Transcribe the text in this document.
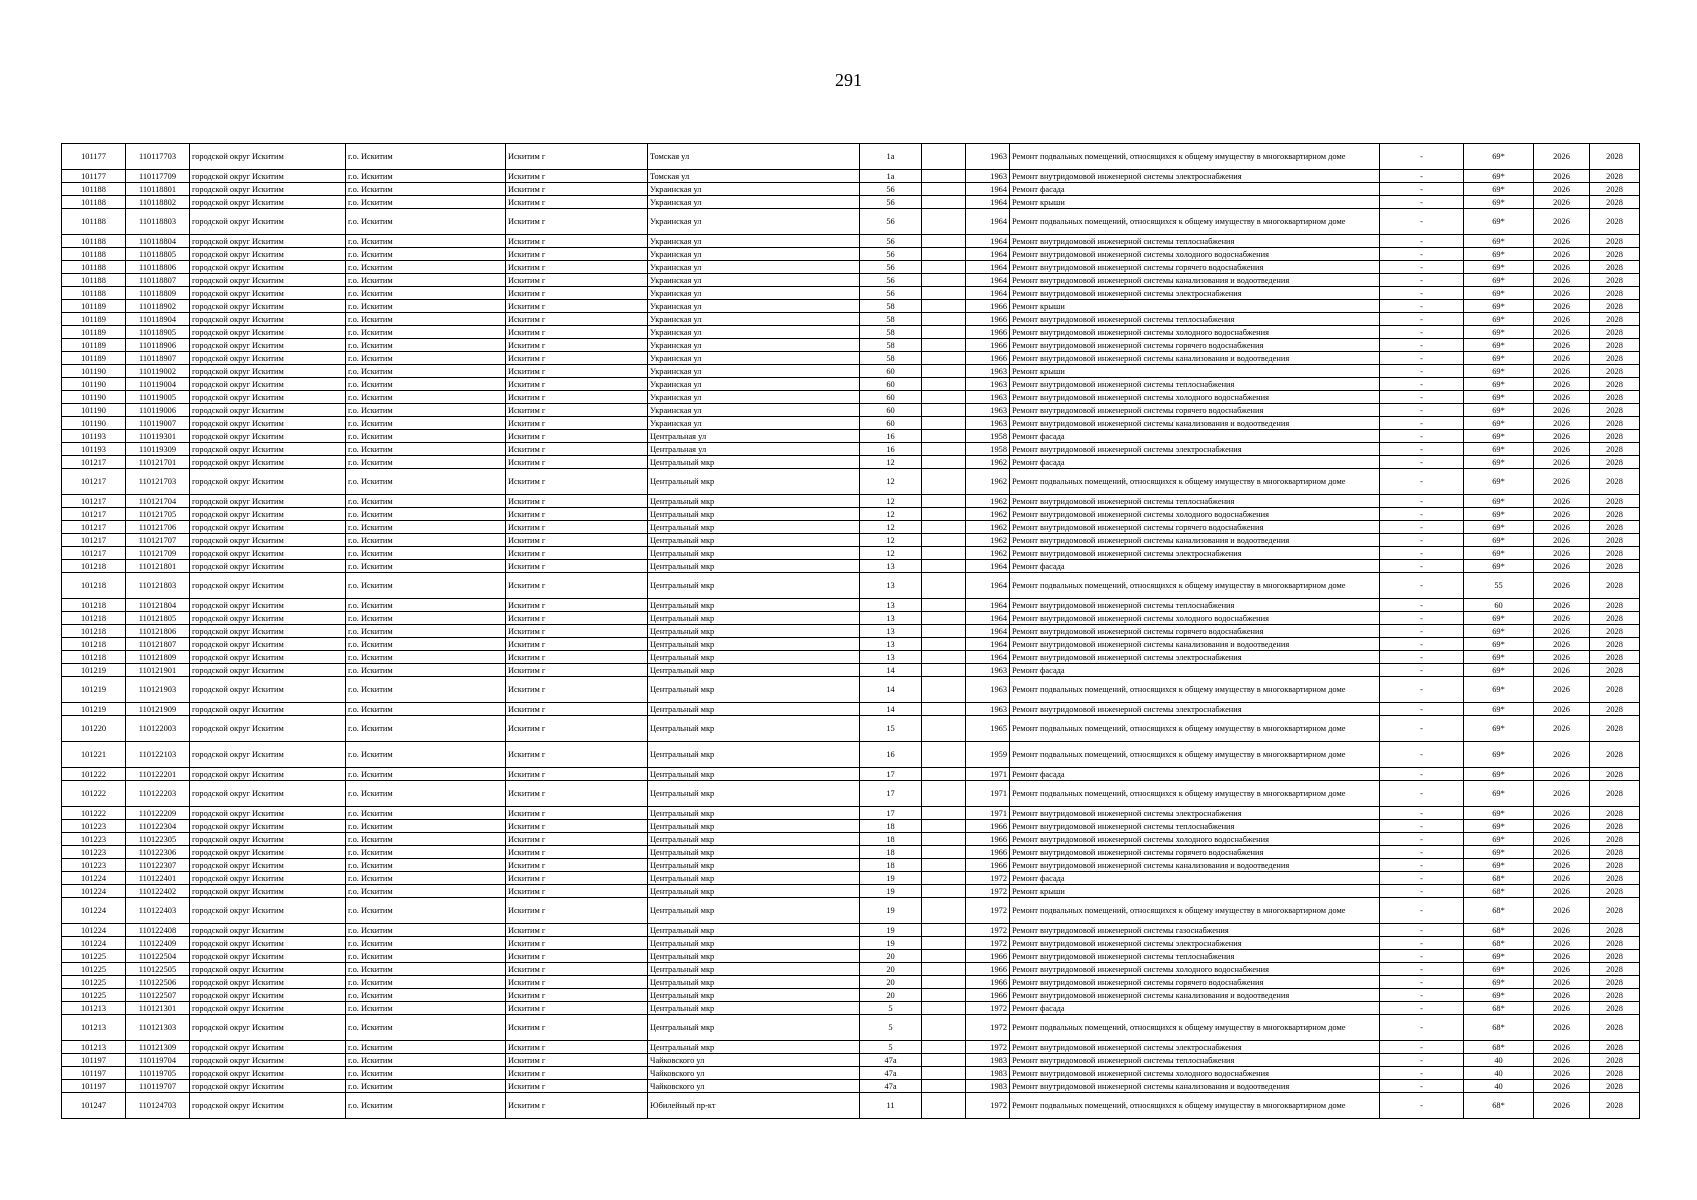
291
101177	110117703	городской округ Искитим	г.о. Искитим	Искитим г	Томская ул	1а		1963	Ремонт подвальных помещений, относящихся к общему имуществу в многоквартирном доме	-	69*	2026	2028
101177	110117709	городской округ Искитим	г.о. Искитим	Искитим г	Томская ул	1а		1963	Ремонт внутридомовой инженерной системы электроснабжения	-	69*	2026	2028
101188	110118801	городской округ Искитим	г.о. Искитим	Искитим г	Украинская ул	56		1964	Ремонт фасада	-	69*	2026	2028
101188	110118802	городской округ Искитим	г.о. Искитим	Искитим г	Украинская ул	56		1964	Ремонт крыши	-	69*	2026	2028
101188	110118803	городской округ Искитим	г.о. Искитим	Искитим г	Украинская ул	56		1964	Ремонт подвальных помещений, относящихся к общему имуществу в многоквартирном доме	-	69*	2026	2028
101188	110118804	городской округ Искитим	г.о. Искитим	Искитим г	Украинская ул	56		1964	Ремонт внутридомовой инженерной системы теплоснабжения	-	69*	2026	2028
101188	110118805	городской округ Искитим	г.о. Искитим	Искитим г	Украинская ул	56		1964	Ремонт внутридомовой инженерной системы холодного водоснабжения	-	69*	2026	2028
101188	110118806	городской округ Искитим	г.о. Искитим	Искитим г	Украинская ул	56		1964	Ремонт внутридомовой инженерной системы горячего водоснабжения	-	69*	2026	2028
101188	110118807	городской округ Искитим	г.о. Искитим	Искитим г	Украинская ул	56		1964	Ремонт внутридомовой инженерной системы канализования и водоотведения	-	69*	2026	2028
101188	110118809	городской округ Искитим	г.о. Искитим	Искитим г	Украинская ул	56		1964	Ремонт внутридомовой инженерной системы электроснабжения	-	69*	2026	2028
101189	110118902	городской округ Искитим	г.о. Искитим	Искитим г	Украинская ул	58		1966	Ремонт крыши	-	69*	2026	2028
101189	110118904	городской округ Искитим	г.о. Искитим	Искитим г	Украинская ул	58		1966	Ремонт внутридомовой инженерной системы теплоснабжения	-	69*	2026	2028
101189	110118905	городской округ Искитим	г.о. Искитим	Искитим г	Украинская ул	58		1966	Ремонт внутридомовой инженерной системы холодного водоснабжения	-	69*	2026	2028
101189	110118906	городской округ Искитим	г.о. Искитим	Искитим г	Украинская ул	58		1966	Ремонт внутридомовой инженерной системы горячего водоснабжения	-	69*	2026	2028
101189	110118907	городской округ Искитим	г.о. Искитим	Искитим г	Украинская ул	58		1966	Ремонт внутридомовой инженерной системы канализования и водоотведения	-	69*	2026	2028
101190	110119002	городской округ Искитим	г.о. Искитим	Искитим г	Украинская ул	60		1963	Ремонт крыши	-	69*	2026	2028
101190	110119004	городской округ Искитим	г.о. Искитим	Искитим г	Украинская ул	60		1963	Ремонт внутридомовой инженерной системы теплоснабжения	-	69*	2026	2028
101190	110119005	городской округ Искитим	г.о. Искитим	Искитим г	Украинская ул	60		1963	Ремонт внутридомовой инженерной системы холодного водоснабжения	-	69*	2026	2028
101190	110119006	городской округ Искитим	г.о. Искитим	Искитим г	Украинская ул	60		1963	Ремонт внутридомовой инженерной системы горячего водоснабжения	-	69*	2026	2028
101190	110119007	городской округ Искитим	г.о. Искитим	Искитим г	Украинская ул	60		1963	Ремонт внутридомовой инженерной системы канализования и водоотведения	-	69*	2026	2028
101193	110119301	городской округ Искитим	г.о. Искитим	Искитим г	Центральная ул	16		1958	Ремонт фасада	-	69*	2026	2028
101193	110119309	городской округ Искитим	г.о. Искитим	Искитим г	Центральная ул	16		1958	Ремонт внутридомовой инженерной системы электроснабжения	-	69*	2026	2028
101217	110121701	городской округ Искитим	г.о. Искитим	Искитим г	Центральный мкр	12		1962	Ремонт фасада	-	69*	2026	2028
101217	110121703	городской округ Искитим	г.о. Искитим	Искитим г	Центральный мкр	12		1962	Ремонт подвальных помещений, относящихся к общему имуществу в многоквартирном доме	-	69*	2026	2028
101217	110121704	городской округ Искитим	г.о. Искитим	Искитим г	Центральный мкр	12		1962	Ремонт внутридомовой инженерной системы теплоснабжения	-	69*	2026	2028
101217	110121705	городской округ Искитим	г.о. Искитим	Искитим г	Центральный мкр	12		1962	Ремонт внутридомовой инженерной системы холодного водоснабжения	-	69*	2026	2028
101217	110121706	городской округ Искитим	г.о. Искитим	Искитим г	Центральный мкр	12		1962	Ремонт внутридомовой инженерной системы горячего водоснабжения	-	69*	2026	2028
101217	110121707	городской округ Искитим	г.о. Искитим	Искитим г	Центральный мкр	12		1962	Ремонт внутридомовой инженерной системы канализования и водоотведения	-	69*	2026	2028
101217	110121709	городской округ Искитим	г.о. Искитим	Искитим г	Центральный мкр	12		1962	Ремонт внутридомовой инженерной системы электроснабжения	-	69*	2026	2028
101218	110121801	городской округ Искитим	г.о. Искитим	Искитим г	Центральный мкр	13		1964	Ремонт фасада	-	69*	2026	2028
101218	110121803	городской округ Искитим	г.о. Искитим	Искитим г	Центральный мкр	13		1964	Ремонт подвальных помещений, относящихся к общему имуществу в многоквартирном доме	-	55	2026	2028
101218	110121804	городской округ Искитим	г.о. Искитим	Искитим г	Центральный мкр	13		1964	Ремонт внутридомовой инженерной системы теплоснабжения	-	60	2026	2028
101218	110121805	городской округ Искитим	г.о. Искитим	Искитим г	Центральный мкр	13		1964	Ремонт внутридомовой инженерной системы холодного водоснабжения	-	69*	2026	2028
101218	110121806	городской округ Искитим	г.о. Искитим	Искитим г	Центральный мкр	13		1964	Ремонт внутридомовой инженерной системы горячего водоснабжения	-	69*	2026	2028
101218	110121807	городской округ Искитим	г.о. Искитим	Искитим г	Центральный мкр	13		1964	Ремонт внутридомовой инженерной системы канализования и водоотведения	-	69*	2026	2028
101218	110121809	городской округ Искитим	г.о. Искитим	Искитим г	Центральный мкр	13		1964	Ремонт внутридомовой инженерной системы электроснабжения	-	69*	2026	2028
101219	110121901	городской округ Искитим	г.о. Искитим	Искитим г	Центральный мкр	14		1963	Ремонт фасада	-	69*	2026	2028
101219	110121903	городской округ Искитим	г.о. Искитим	Искитим г	Центральный мкр	14		1963	Ремонт подвальных помещений, относящихся к общему имуществу в многоквартирном доме	-	69*	2026	2028
101219	110121909	городской округ Искитим	г.о. Искитим	Искитим г	Центральный мкр	14		1963	Ремонт внутридомовой инженерной системы электроснабжения	-	69*	2026	2028
101220	110122003	городской округ Искитим	г.о. Искитим	Искитим г	Центральный мкр	15		1965	Ремонт подвальных помещений, относящихся к общему имуществу в многоквартирном доме	-	69*	2026	2028
101221	110122103	городской округ Искитим	г.о. Искитим	Искитим г	Центральный мкр	16		1959	Ремонт подвальных помещений, относящихся к общему имуществу в многоквартирном доме	-	69*	2026	2028
101222	110122201	городской округ Искитим	г.о. Искитим	Искитим г	Центральный мкр	17		1971	Ремонт фасада	-	69*	2026	2028
101222	110122203	городской округ Искитим	г.о. Искитим	Искитим г	Центральный мкр	17		1971	Ремонт подвальных помещений, относящихся к общему имуществу в многоквартирном доме	-	69*	2026	2028
101222	110122209	городской округ Искитим	г.о. Искитим	Искитим г	Центральный мкр	17		1971	Ремонт внутридомовой инженерной системы электроснабжения	-	69*	2026	2028
101223	110122304	городской округ Искитим	г.о. Искитим	Искитим г	Центральный мкр	18		1966	Ремонт внутридомовой инженерной системы теплоснабжения	-	69*	2026	2028
101223	110122305	городской округ Искитим	г.о. Искитим	Искитим г	Центральный мкр	18		1966	Ремонт внутридомовой инженерной системы холодного водоснабжения	-	69*	2026	2028
101223	110122306	городской округ Искитим	г.о. Искитим	Искитим г	Центральный мкр	18		1966	Ремонт внутридомовой инженерной системы горячего водоснабжения	-	69*	2026	2028
101223	110122307	городской округ Искитим	г.о. Искитим	Искитим г	Центральный мкр	18		1966	Ремонт внутридомовой инженерной системы канализования и водоотведения	-	69*	2026	2028
101224	110122401	городской округ Искитим	г.о. Искитим	Искитим г	Центральный мкр	19		1972	Ремонт фасада	-	68*	2026	2028
101224	110122402	городской округ Искитим	г.о. Искитим	Искитим г	Центральный мкр	19		1972	Ремонт крыши	-	68*	2026	2028
101224	110122403	городской округ Искитим	г.о. Искитим	Искитим г	Центральный мкр	19		1972	Ремонт подвальных помещений, относящихся к общему имуществу в многоквартирном доме	-	68*	2026	2028
101224	110122408	городской округ Искитим	г.о. Искитим	Искитим г	Центральный мкр	19		1972	Ремонт внутридомовой инженерной системы газоснабжения	-	68*	2026	2028
101224	110122409	городской округ Искитим	г.о. Искитим	Искитим г	Центральный мкр	19		1972	Ремонт внутридомовой инженерной системы электроснабжения	-	68*	2026	2028
101225	110122504	городской округ Искитим	г.о. Искитим	Искитим г	Центральный мкр	20		1966	Ремонт внутридомовой инженерной системы теплоснабжения	-	69*	2026	2028
101225	110122505	городской округ Искитим	г.о. Искитим	Искитим г	Центральный мкр	20		1966	Ремонт внутридомовой инженерной системы холодного водоснабжения	-	69*	2026	2028
101225	110122506	городской округ Искитим	г.о. Искитим	Искитим г	Центральный мкр	20		1966	Ремонт внутридомовой инженерной системы горячего водоснабжения	-	69*	2026	2028
101225	110122507	городской округ Искитим	г.о. Искитим	Искитим г	Центральный мкр	20		1966	Ремонт внутридомовой инженерной системы канализования и водоотведения	-	69*	2026	2028
101213	110121301	городской округ Искитим	г.о. Искитим	Искитим г	Центральный мкр	5		1972	Ремонт фасада	-	68*	2026	2028
101213	110121303	городской округ Искитим	г.о. Искитим	Искитим г	Центральный мкр	5		1972	Ремонт подвальных помещений, относящихся к общему имуществу в многоквартирном доме	-	68*	2026	2028
101213	110121309	городской округ Искитим	г.о. Искитим	Искитим г	Центральный мкр	5		1972	Ремонт внутридомовой инженерной системы электроснабжения	-	68*	2026	2028
101197	110119704	городской округ Искитим	г.о. Искитим	Искитим г	Чайковского ул	47а		1983	Ремонт внутридомовой инженерной системы теплоснабжения	-	40	2026	2028
101197	110119705	городской округ Искитим	г.о. Искитим	Искитим г	Чайковского ул	47а		1983	Ремонт внутридомовой инженерной системы холодного водоснабжения	-	40	2026	2028
101197	110119707	городской округ Искитим	г.о. Искитим	Искитим г	Чайковского ул	47а		1983	Ремонт внутридомовой инженерной системы канализования и водоотведения	-	40	2026	2028
101247	110124703	городской округ Искитим	г.о. Искитим	Искитим г	Юбилейный пр-кт	11		1972	Ремонт подвальных помещений, относящихся к общему имуществу в многоквартирном доме	-	68*	2026	2028
